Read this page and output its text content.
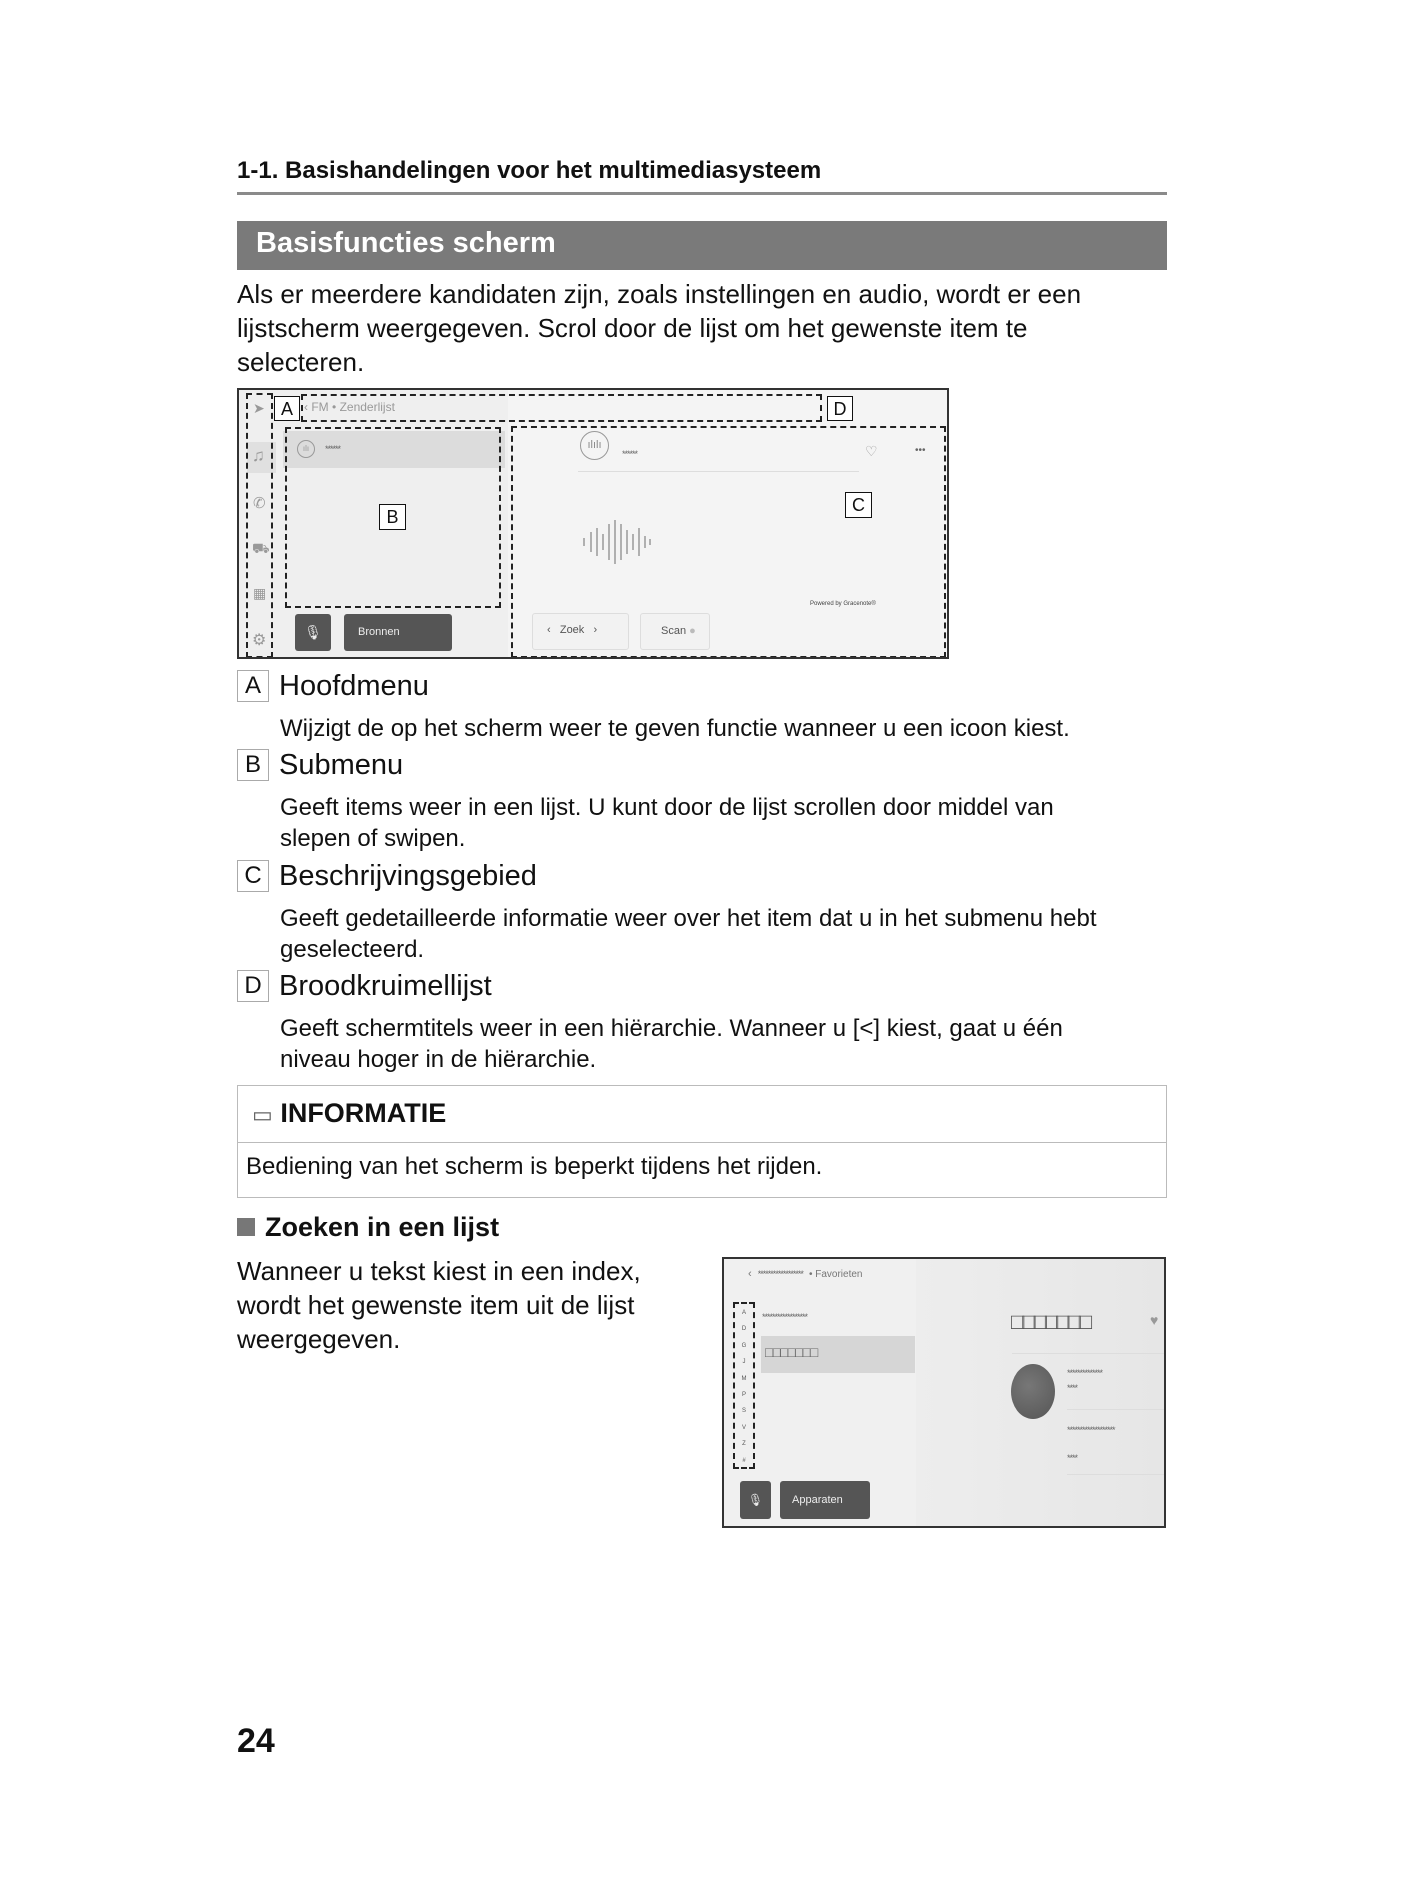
1-1. Basishandelingen voor het multimediasysteem
Basisfuncties scherm
Als er meerdere kandidaten zijn, zoals instellingen en audio, wordt er een lijstscherm weergegeven. Scrol door de lijst om het gewenste item te selecteren.
➤
♫
✆
⛟
▦
⚙
‹ FM • Zenderlijst
ılı	******	ılılı
******	♡	•••
Powered by Gracenote®
‹ Zoek ›	Scan ●
🎙	Bronnen
A	D
B
C
A Hoofdmenu
Wijzigt de op het scherm weer te geven functie wanneer u een icoon kiest.
B Submenu
Geeft items weer in een lijst. U kunt door de lijst scrollen door middel van slepen of swipen.
C Beschrijvingsgebied
Geeft gedetailleerde informatie weer over het item dat u in het submenu hebt geselecteerd.
D Broodkruimellijst
Geeft schermtitels weer in een hiërarchie. Wanneer u [<] kiest, gaat u één niveau hoger in de hiërarchie.
▭ INFORMATIE
Bediening van het scherm is beperkt tijdens het rijden.
Zoeken in een lijst
Wanneer u tekst kiest in een index, wordt het gewenste item uit de lijst weergegeven.
‹ ****************** • Favorieten
A
D
G
J
M
P
S
V
Z
#
******************
□□□□□□□
□□□□□□□	♥
**************
****
*******************
****
🎙	Apparaten
24
